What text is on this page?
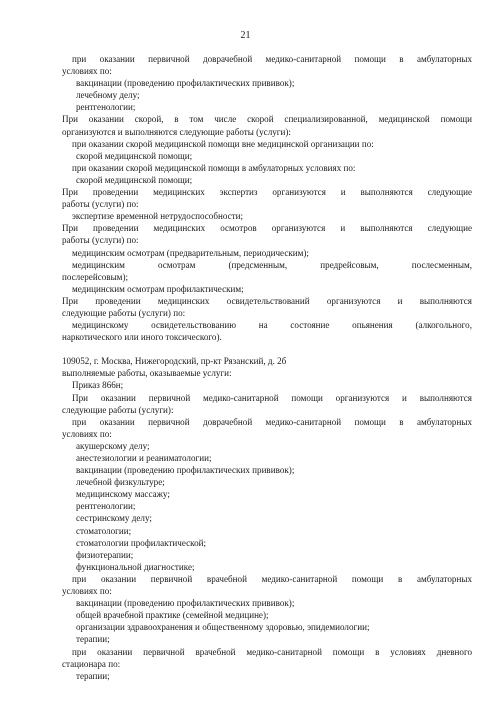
21
при оказании первичной доврачебной медико-санитарной помощи в амбулаторных
условиях по:
вакцинации (проведению профилактических прививок);
лечебному делу;
рентгенологии;
При оказании скорой, в том числе скорой специализированной, медицинской помощи
организуются и выполняются следующие работы (услуги):
при оказании скорой медицинской помощи вне медицинской организации по:
скорой медицинской помощи;
при оказании скорой медицинской помощи в амбулаторных условиях по:
скорой медицинской помощи;
При проведении медицинских экспертиз организуются и выполняются следующие
работы (услуги) по:
экспертизе временной нетрудоспособности;
При проведении медицинских осмотров организуются и выполняются следующие
работы (услуги) по:
медицинским осмотрам (предварительным, периодическим);
медицинским осмотрам (предсменным, предрейсовым, послесменным,
послерейсовым);
медицинским осмотрам профилактическим;
При проведении медицинских освидетельствований организуются и выполняются
следующие работы (услуги) по:
медицинскому освидетельствованию на состояние опьянения (алкогольного,
наркотического или иного токсического).
109052, г. Москва, Нижегородский, пр-кт Рязанский, д. 2б
выполняемые работы, оказываемые услуги:
Приказ 866н;
При оказании первичной медико-санитарной помощи организуются и выполняются
следующие работы (услуги):
при оказании первичной доврачебной медико-санитарной помощи в амбулаторных
условиях по:
акушерскому делу;
анестезиологии и реаниматологии;
вакцинации (проведению профилактических прививок);
лечебной физкультуре;
медицинскому массажу;
рентгенологии;
сестринскому делу;
стоматологии;
стоматологии профилактической;
физиотерапии;
функциональной диагностике;
при оказании первичной врачебной медико-санитарной помощи в амбулаторных
условиях по:
вакцинации (проведению профилактических прививок);
общей врачебной практике (семейной медицине);
организации здравоохранения и общественному здоровью, эпидемиологии;
терапии;
при оказании первичной врачебной медико-санитарной помощи в условиях дневного
стационара по:
терапии;
